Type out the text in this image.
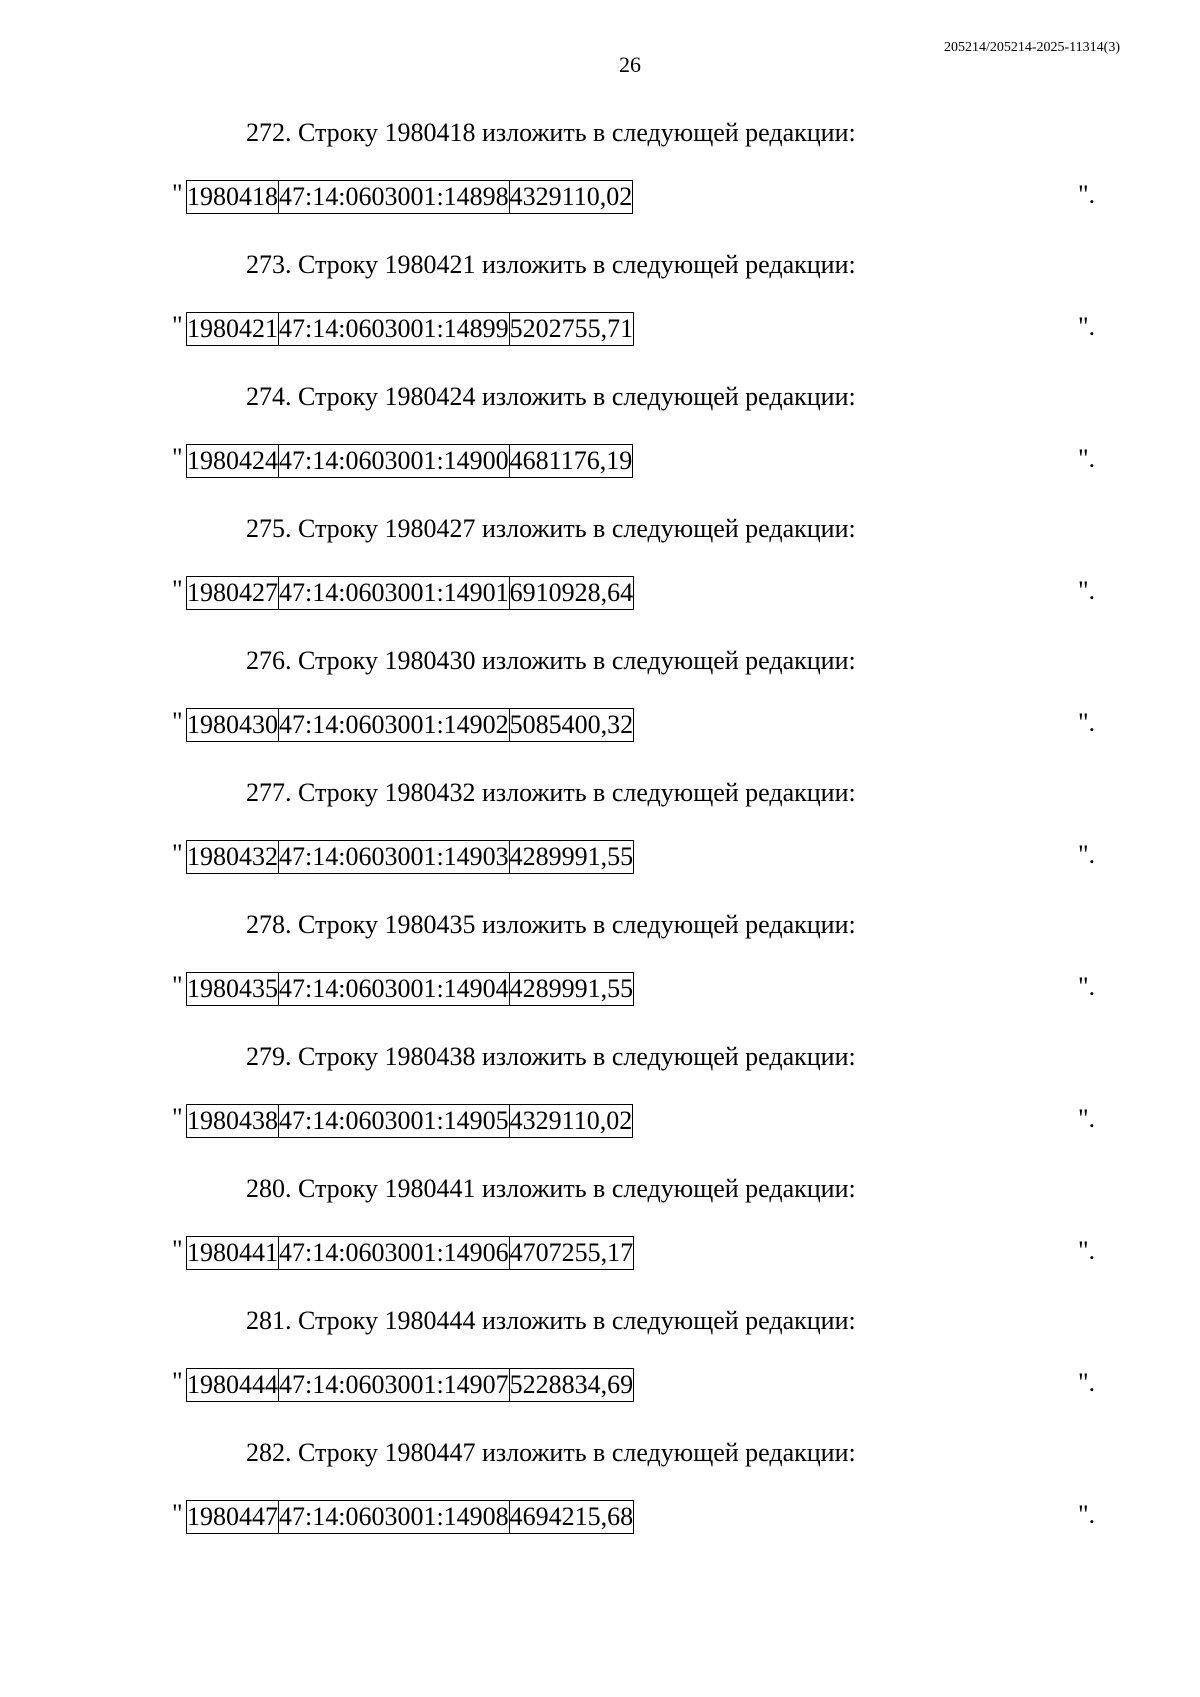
26
205214/205214-2025-11314(3)
272. Строку 1980418 изложить в следующей редакции:
" 1980418	47:14:0603001:14898	4329110,02	".
273. Строку 1980421 изложить в следующей редакции:
" 1980421	47:14:0603001:14899	5202755,71	".
274. Строку 1980424 изложить в следующей редакции:
" 1980424	47:14:0603001:14900	4681176,19	".
275. Строку 1980427 изложить в следующей редакции:
" 1980427	47:14:0603001:14901	6910928,64	".
276. Строку 1980430 изложить в следующей редакции:
" 1980430	47:14:0603001:14902	5085400,32	".
277. Строку 1980432 изложить в следующей редакции:
" 1980432	47:14:0603001:14903	4289991,55	".
278. Строку 1980435 изложить в следующей редакции:
" 1980435	47:14:0603001:14904	4289991,55	".
279. Строку 1980438 изложить в следующей редакции:
" 1980438	47:14:0603001:14905	4329110,02	".
280. Строку 1980441 изложить в следующей редакции:
" 1980441	47:14:0603001:14906	4707255,17	".
281. Строку 1980444 изложить в следующей редакции:
" 1980444	47:14:0603001:14907	5228834,69	".
282. Строку 1980447 изложить в следующей редакции:
" 1980447	47:14:0603001:14908	4694215,68	".
